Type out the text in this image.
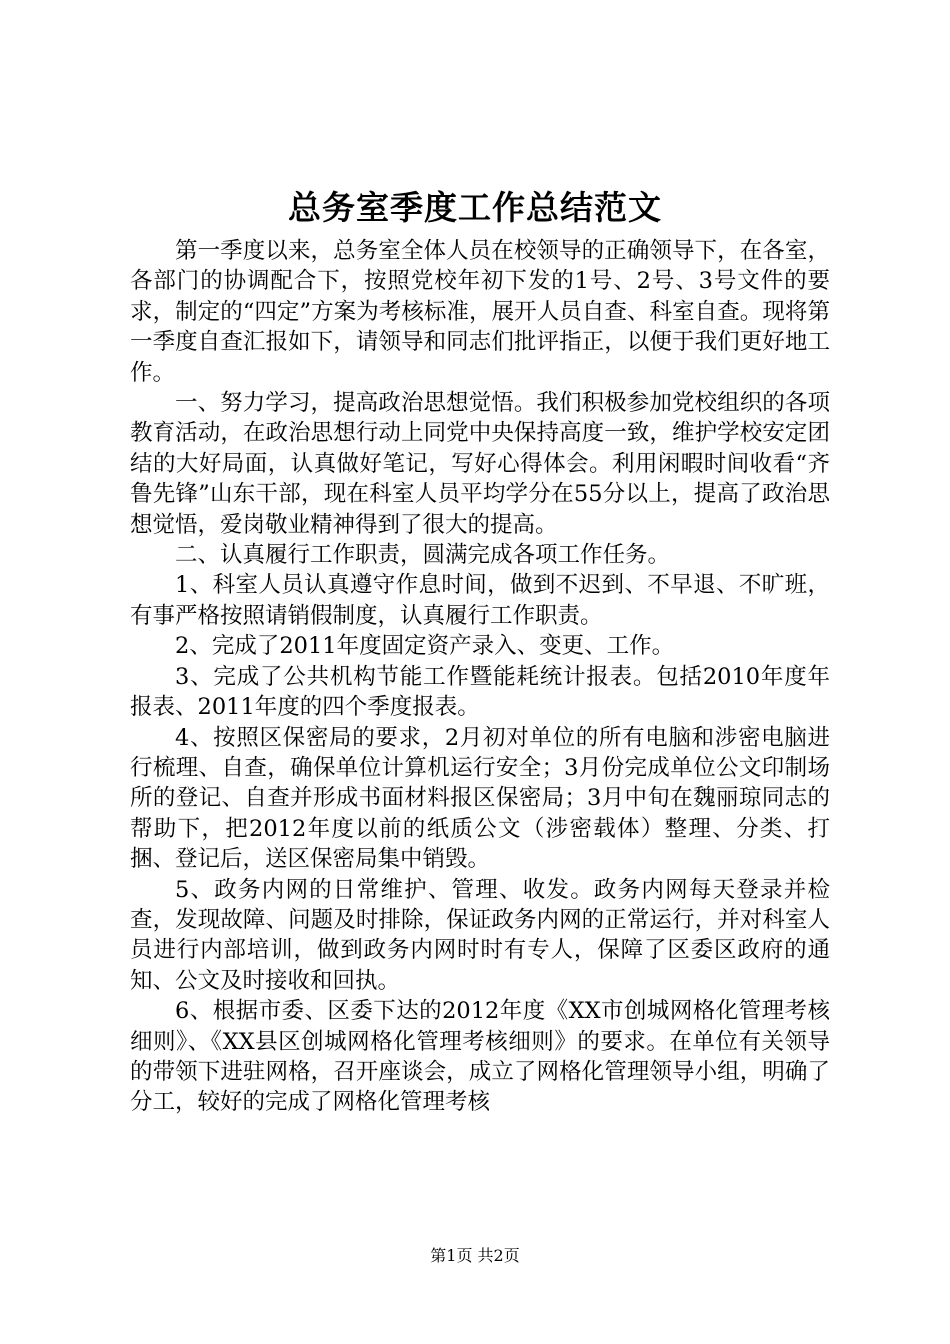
总务室季度工作总结范文

第一季度以来，总务室全体人员在校领导的正确领导下，在各室，各部门的协调配合下，按照党校年初下发的1号、2号、3号文件的要求，制定的“四定”方案为考核标准，展开人员自查、科室自查。现将第一季度自查汇报如下，请领导和同志们批评指正，以便于我们更好地工作。

一、努力学习，提高政治思想觉悟。我们积极参加党校组织的各项教育活动，在政治思想行动上同党中央保持高度一致，维护学校安定团结的大好局面，认真做好笔记，写好心得体会。利用闲暇时间收看“齐鲁先锋”山东干部，现在科室人员平均学分在55分以上，提高了政治思想觉悟，爱岗敬业精神得到了很大的提高。

二、认真履行工作职责，圆满完成各项工作任务。

1、科室人员认真遵守作息时间，做到不迟到、不早退、不旷班，有事严格按照请销假制度，认真履行工作职责。

2、完成了2011年度固定资产录入、变更、工作。

3、完成了公共机构节能工作暨能耗统计报表。包括2010年度年报表、2011年度的四个季度报表。

4、按照区保密局的要求，2月初对单位的所有电脑和涉密电脑进行梳理、自查，确保单位计算机运行安全；3月份完成单位公文印制场所的登记、自查并形成书面材料报区保密局；3月中旬在魏丽琼同志的帮助下，把2012年度以前的纸质公文（涉密载体）整理、分类、打捆、登记后，送区保密局集中销毁。

5、政务内网的日常维护、管理、收发。政务内网每天登录并检查，发现故障、问题及时排除，保证政务内网的正常运行，并对科室人员进行内部培训，做到政务内网时时有专人，保障了区委区政府的通知、公文及时接收和回执。

6、根据市委、区委下达的2012年度《XX市创城网格化管理考核细则》、《XX县区创城网格化管理考核细则》的要求。在单位有关领导的带领下进驻网格，召开座谈会，成立了网格化管理领导小组，明确了分工，较好的完成了网格化管理考核

第1页 共2页
